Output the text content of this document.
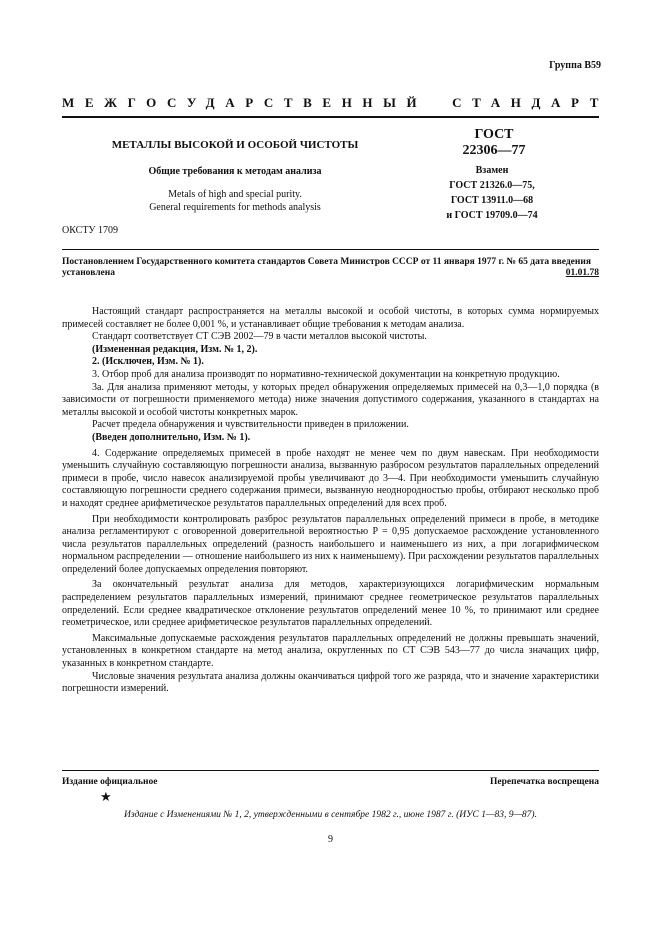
Группа В59
МЕЖГОСУДАРСТВЕННЫЙ СТАНДАРТ
МЕТАЛЛЫ ВЫСОКОЙ И ОСОБОЙ ЧИСТОТЫ
Общие требования к методам анализа
Metals of high and special purity.
General requirements for methods analysis
ОКСТУ 1709
ГОСТ
22306—77
Взамен
ГОСТ 21326.0—75,
ГОСТ 13911.0—68
и ГОСТ 19709.0—74
Постановлением Государственного комитета стандартов Совета Министров СССР от 11 января 1977 г. № 65 дата введения установлена	01.01.78

Настоящий стандарт распространяется на металлы высокой и особой чистоты, в которых сумма нормируемых примесей составляет не более 0,001 %, и устанавливает общие требования к методам анализа.

Стандарт соответствует СТ СЭВ 2002—79 в части металлов высокой чистоты.

(Измененная редакция, Изм. № 1, 2).

2. (Исключен, Изм. № 1).

3. Отбор проб для анализа производят по нормативно-технической документации на конкретную продукцию.

3а. Для анализа применяют методы, у которых предел обнаружения определяемых примесей на 0,3—1,0 порядка (в зависимости от погрешности применяемого метода) ниже значения допустимого содержания, указанного в стандартах на металлы высокой и особой чистоты конкретных марок.

Расчет предела обнаружения и чувствительности приведен в приложении.

(Введен дополнительно, Изм. № 1).

4. Содержание определяемых примесей в пробе находят не менее чем по двум навескам. При необходимости уменьшить случайную составляющую погрешности анализа, вызванную разбросом результатов параллельных определений примеси в пробе, число навесок анализируемой пробы увеличивают до 3—4. При необходимости уменьшить случайную составляющую погрешности среднего содержания примеси, вызванную неоднородностью пробы, отбирают несколько проб и находят среднее арифметическое результатов параллельных определений для всех проб.

При необходимости контролировать разброс результатов параллельных определений примеси в пробе, в методике анализа регламентируют с оговоренной доверительной вероятностью P = 0,95 допускаемое расхождение установленного числа результатов параллельных определений (разность наибольшего и наименьшего из них, а при логарифмическом нормальном распределении — отношение наибольшего из них к наименьшему). При расхождении результатов параллельных определений более допускаемых определения повторяют.

За окончательный результат анализа для методов, характеризующихся логарифмическим нормальным распределением результатов параллельных измерений, принимают среднее геометрическое результатов параллельных определений. Если среднее квадратическое отклонение результатов определений менее 10 %, то принимают или среднее геометрическое, или среднее арифметическое результатов параллельных определений.

Максимальные допускаемые расхождения результатов параллельных определений не должны превышать значений, установленных в конкретном стандарте на метод анализа, округленных по СТ СЭВ 543—77 до числа значащих цифр, указанных в конкретном стандарте.

Числовые значения результата анализа должны оканчиваться цифрой того же разряда, что и значение характеристики погрешности измерений.

Издание официальное	Перепечатка воспрещена
★
Издание с Изменениями № 1, 2, утвержденными в сентябре 1982 г., июне 1987 г. (ИУС 1—83, 9—87).
9
